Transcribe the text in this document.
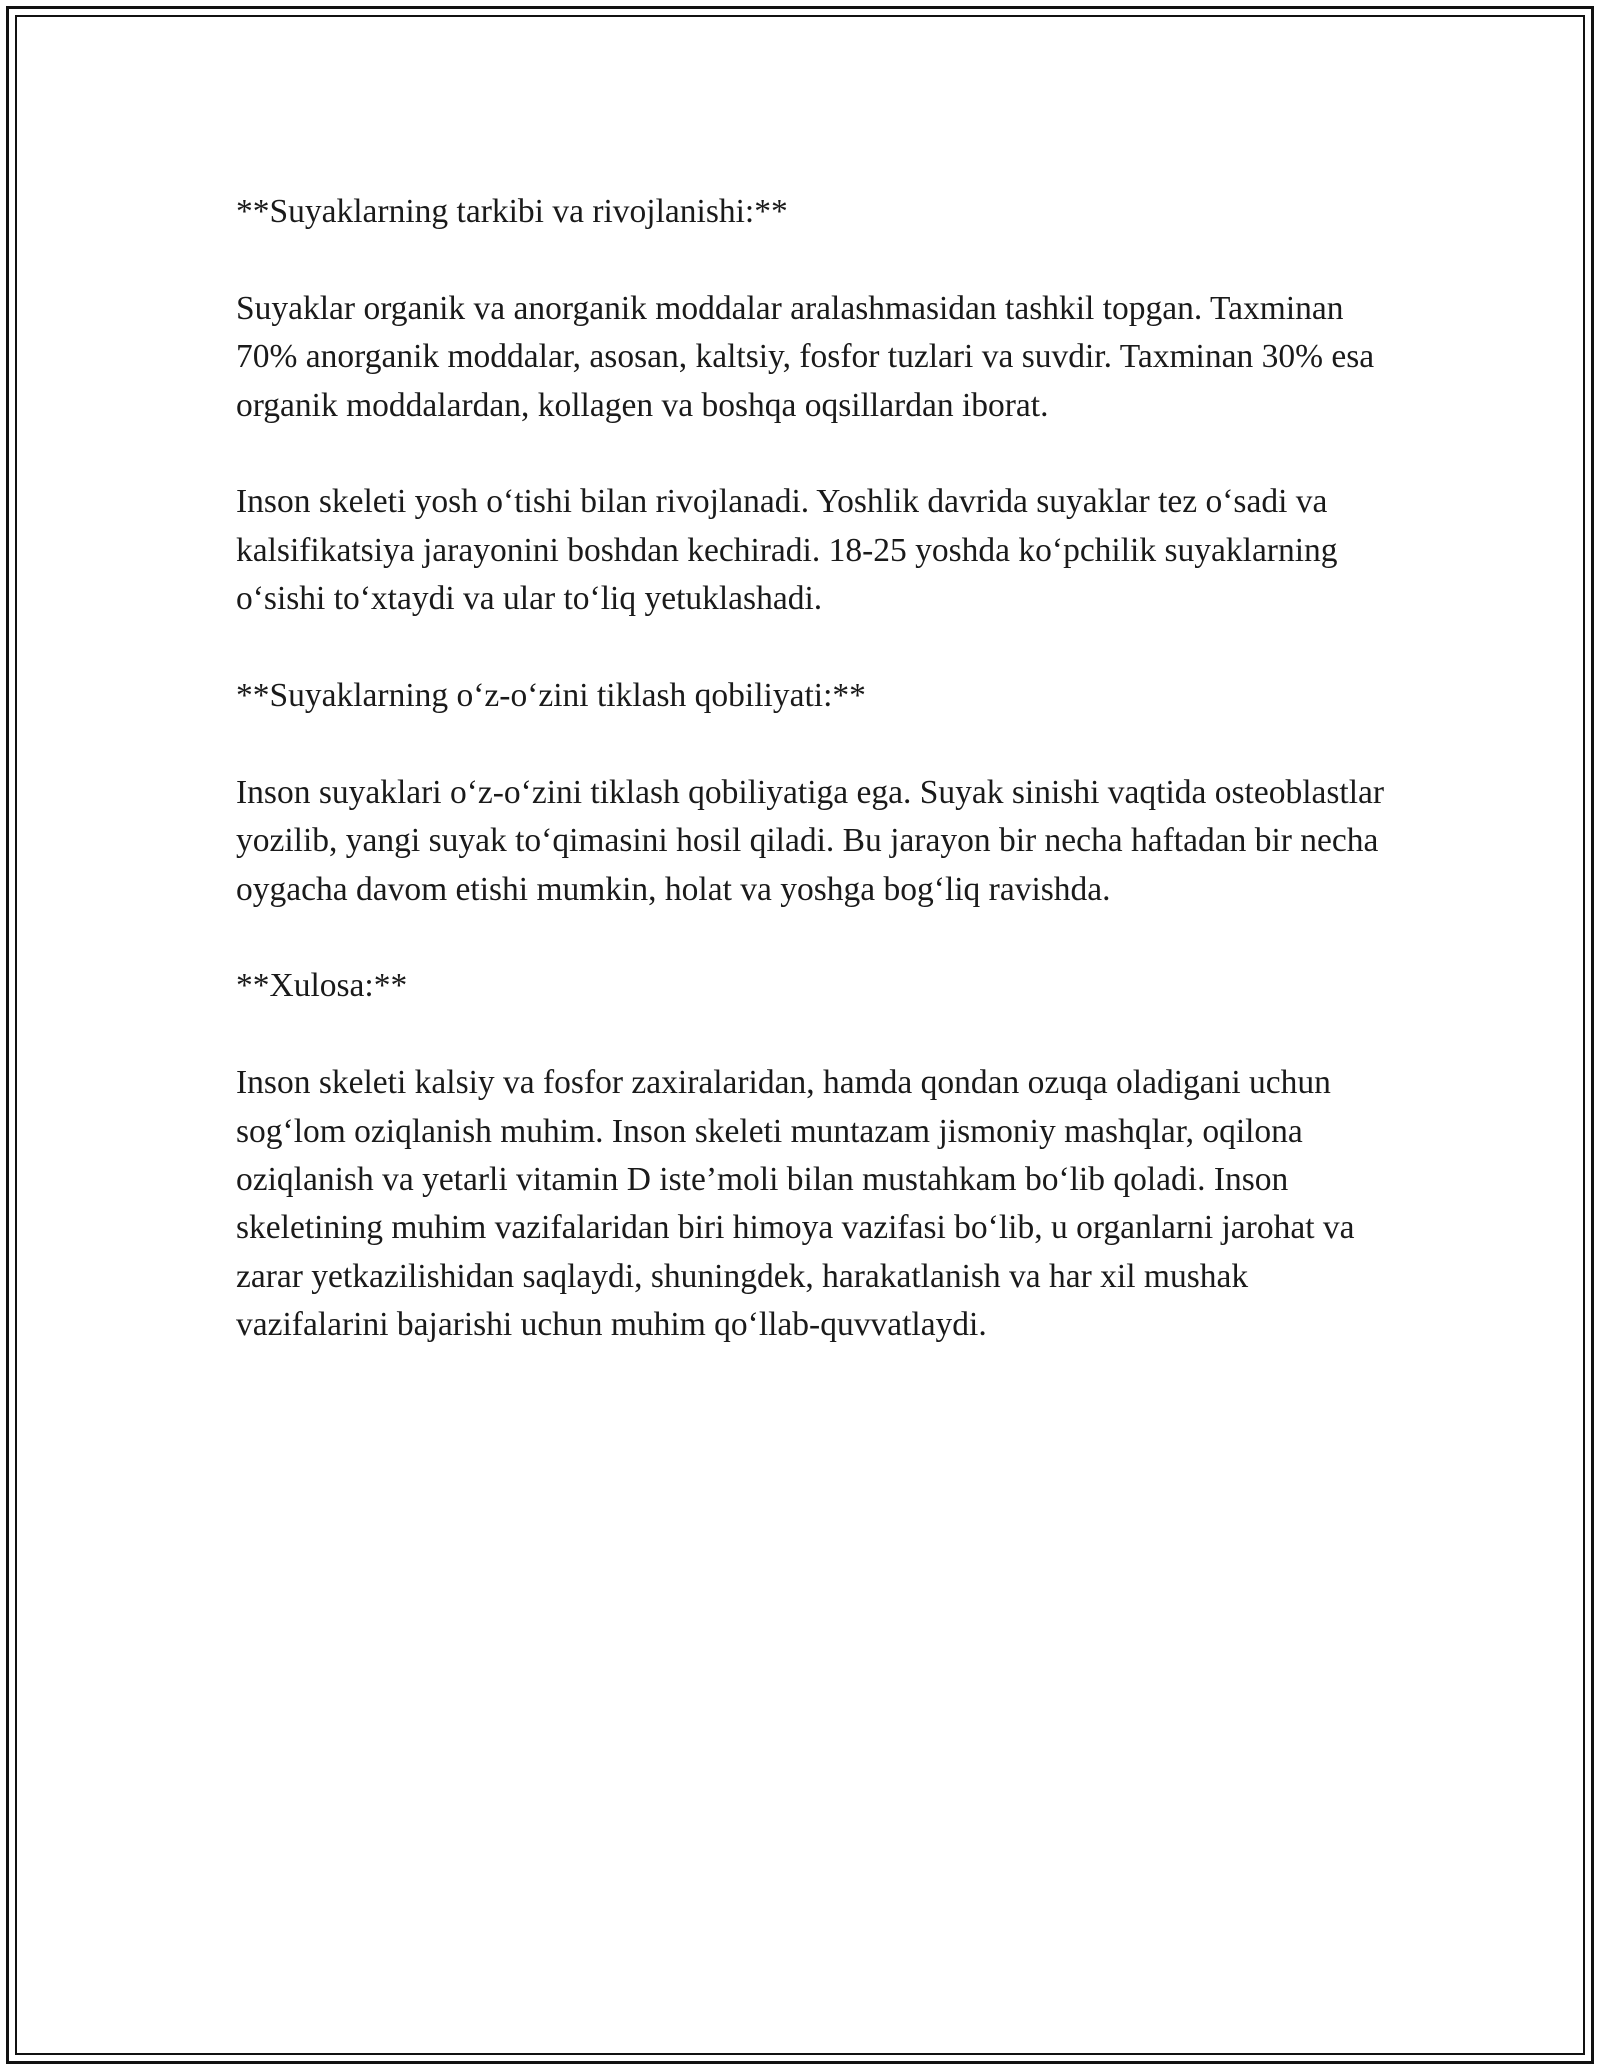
**Suyaklarning tarkibi va rivojlanishi:**

Suyaklar organik va anorganik moddalar aralashmasidan tashkil topgan. Taxminan 70% anorganik moddalar, asosan, kaltsiy, fosfor tuzlari va suvdir. Taxminan 30% esa organik moddalardan, kollagen va boshqa oqsillardan iborat.

Inson skeleti yosh oʻtishi bilan rivojlanadi. Yoshlik davrida suyaklar tez oʻsadi va kalsifikatsiya jarayonini boshdan kechiradi. 18-25 yoshda koʻpchilik suyaklarning oʻsishi toʻxtaydi va ular toʻliq yetuklashadi.

**Suyaklarning oʻz-oʻzini tiklash qobiliyati:**

Inson suyaklari oʻz-oʻzini tiklash qobiliyatiga ega. Suyak sinishi vaqtida osteoblastlar yozilib, yangi suyak toʻqimasini hosil qiladi. Bu jarayon bir necha haftadan bir necha oygacha davom etishi mumkin, holat va yoshga bogʻliq ravishda.

**Xulosa:**

Inson skeleti kalsiy va fosfor zaxiralaridan, hamda qondan ozuqa oladigani uchun sogʻlom oziqlanish muhim. Inson skeleti muntazam jismoniy mashqlar, oqilona oziqlanish va yetarli vitamin D iste’moli bilan mustahkam boʻlib qoladi. Inson skeletining muhim vazifalaridan biri himoya vazifasi boʻlib, u organlarni jarohat va zarar yetkazilishidan saqlaydi, shuningdek, harakatlanish va har xil mushak vazifalarini bajarishi uchun muhim qoʻllab-quvvatlaydi.
